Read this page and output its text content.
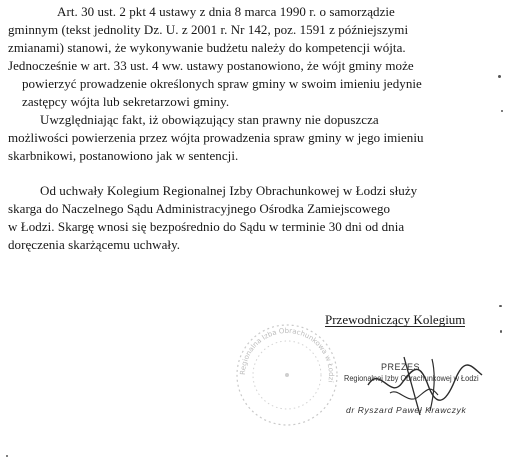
Art. 30 ust. 2 pkt 4 ustawy z dnia 8 marca 1990 r. o samorządzie
gminnym (tekst jednolity Dz. U. z 2001 r. Nr 142, poz. 1591 z późniejszymi
zmianami) stanowi, że wykonywanie budżetu należy do kompetencji wójta.
Jednocześnie w art. 33 ust. 4 ww. ustawy postanowiono, że wójt gminy może
powierzyć prowadzenie określonych spraw gminy w swoim imieniu jedynie
zastępcy wójta lub sekretarzowi gminy.
Uwzględniając fakt, iż obowiązujący stan prawny nie dopuszcza
możliwości powierzenia przez wójta prowadzenia spraw gminy w jego imieniu
skarbnikowi, postanowiono jak w sentencji.
Od uchwały Kolegium Regionalnej Izby Obrachunkowej w Łodzi służy
skarga do Naczelnego Sądu Administracyjnego Ośrodka Zamiejscowego
w Łodzi. Skargę wnosi się bezpośrednio do Sądu w terminie 30 dni od dnia
doręczenia skarżącemu uchwały.
Przewodniczący Kolegium
Regionalna Izba Obrachunkowa w Łodzi
PREZES
Regionalnej Izby Obrachunkowej w Łodzi
dr Ryszard Paweł Krawczyk
